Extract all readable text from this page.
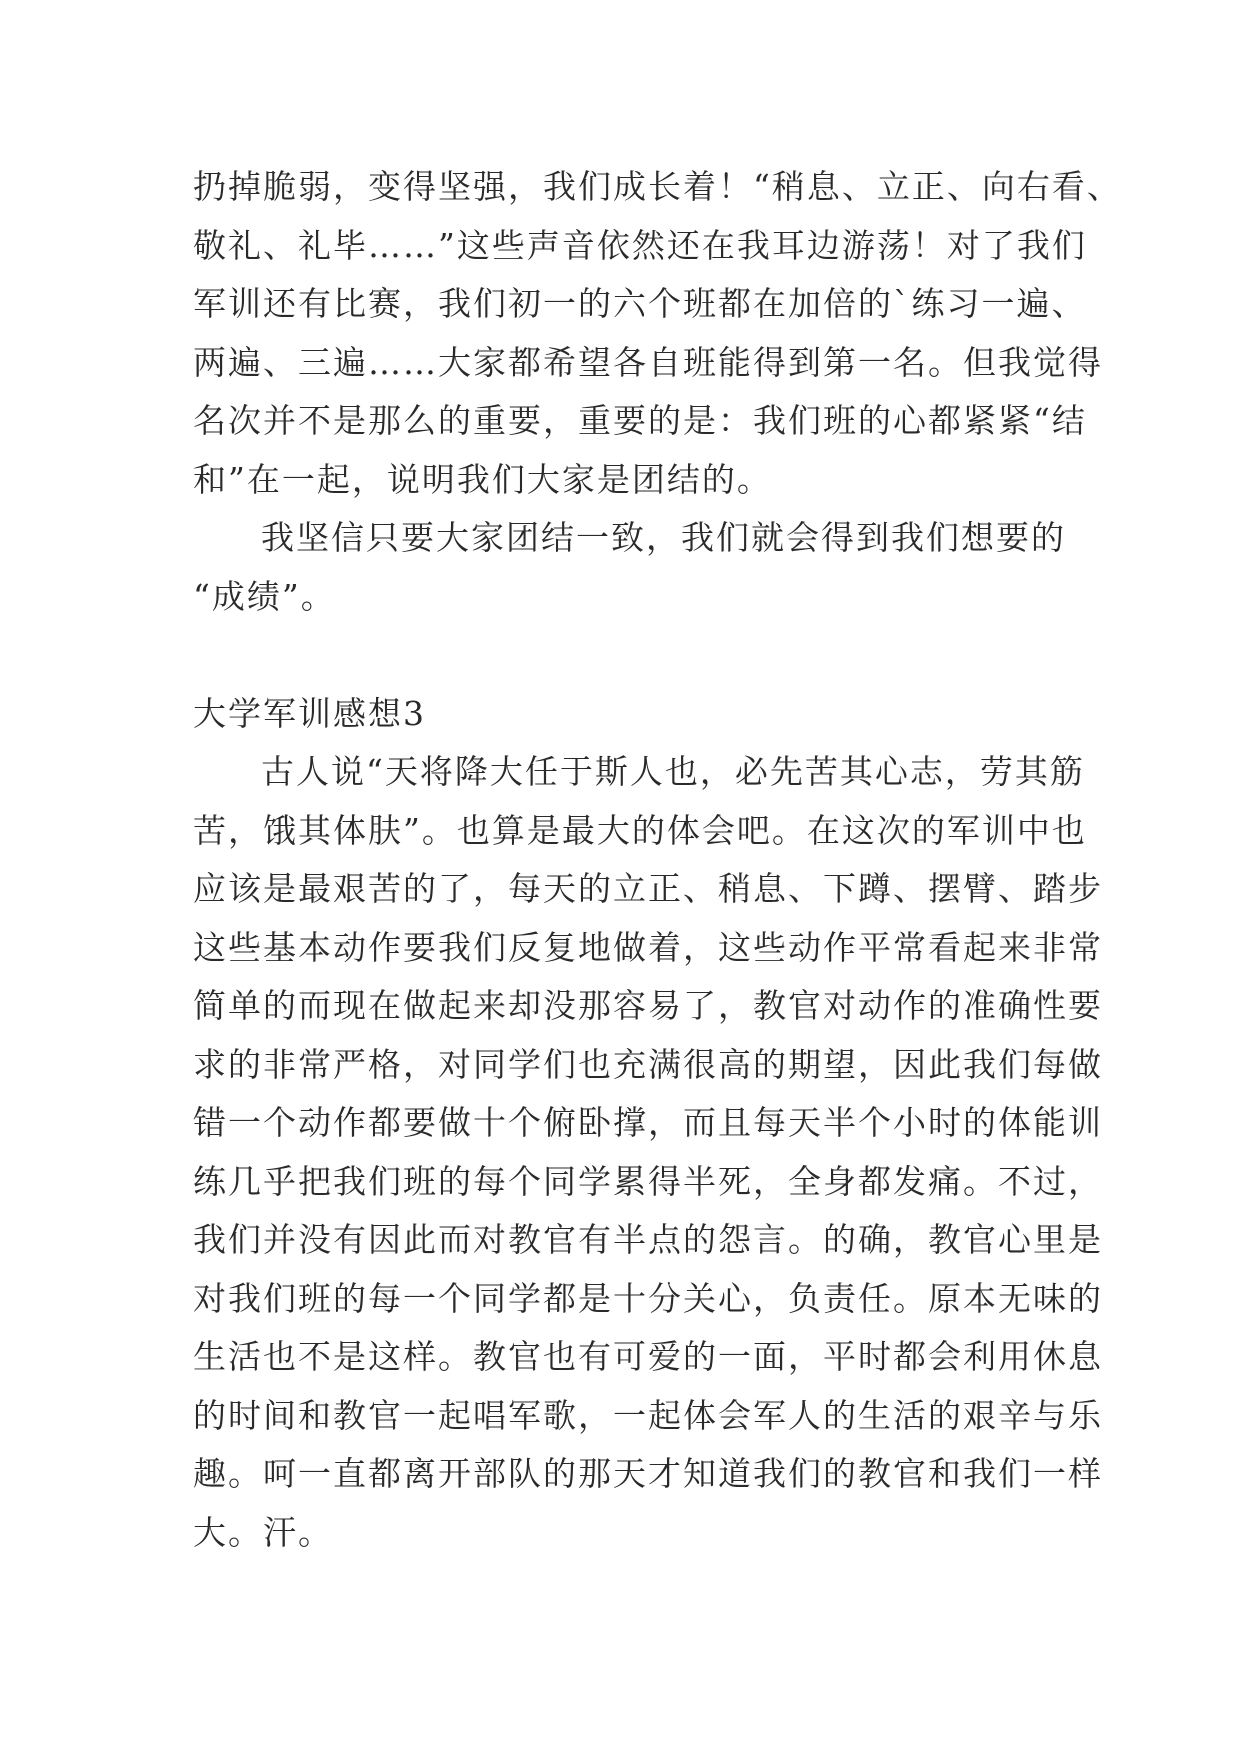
扔掉脆弱，变得坚强，我们成长着！“稍息、立正、向右看、
敬礼、礼毕……”这些声音依然还在我耳边游荡！对了我们
军训还有比赛，我们初一的六个班都在加倍的`练习一遍、
两遍、三遍……大家都希望各自班能得到第一名。但我觉得
名次并不是那么的重要，重要的是：我们班的心都紧紧“结
和”在一起，说明我们大家是团结的。
我坚信只要大家团结一致，我们就会得到我们想要的
“成绩”。
大学军训感想3
古人说“天将降大任于斯人也，必先苦其心志，劳其筋
苦，饿其体肤”。也算是最大的体会吧。在这次的军训中也
应该是最艰苦的了，每天的立正、稍息、下蹲、摆臂、踏步
这些基本动作要我们反复地做着，这些动作平常看起来非常
简单的而现在做起来却没那容易了，教官对动作的准确性要
求的非常严格，对同学们也充满很高的期望，因此我们每做
错一个动作都要做十个俯卧撑，而且每天半个小时的体能训
练几乎把我们班的每个同学累得半死，全身都发痛。不过，
我们并没有因此而对教官有半点的怨言。的确，教官心里是
对我们班的每一个同学都是十分关心，负责任。原本无味的
生活也不是这样。教官也有可爱的一面，平时都会利用休息
的时间和教官一起唱军歌，一起体会军人的生活的艰辛与乐
趣。呵一直都离开部队的那天才知道我们的教官和我们一样
大。汗。
